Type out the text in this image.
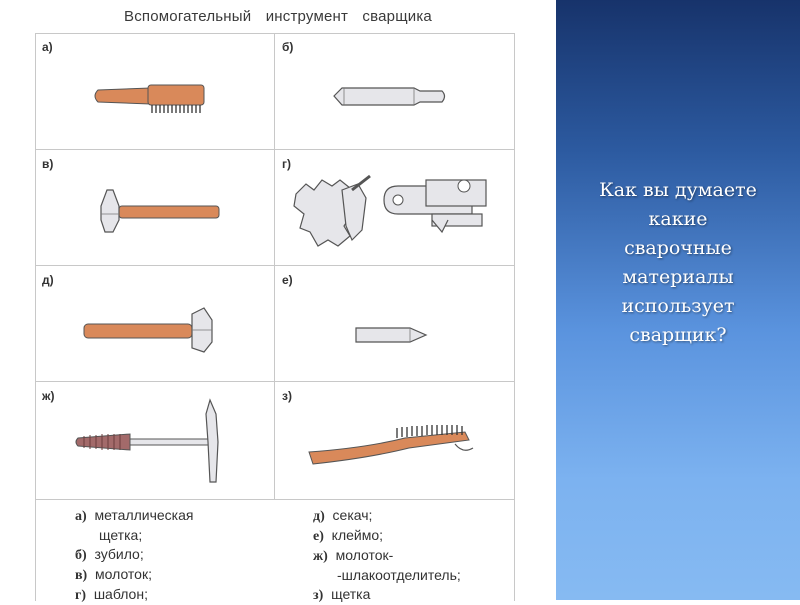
Вспомогательный инструмент сварщика
а)	б)
в)	г)
д)	е)
ж)	з)
а) металлическая
щетка;
б) зубило;
в) молоток;
г) шаблон;
д) секач;
е) клеймо;
ж) молоток-
-шлакоотделитель;
з) щетка
Как вы думаете
какие
сварочные
материалы
использует
сварщик?
